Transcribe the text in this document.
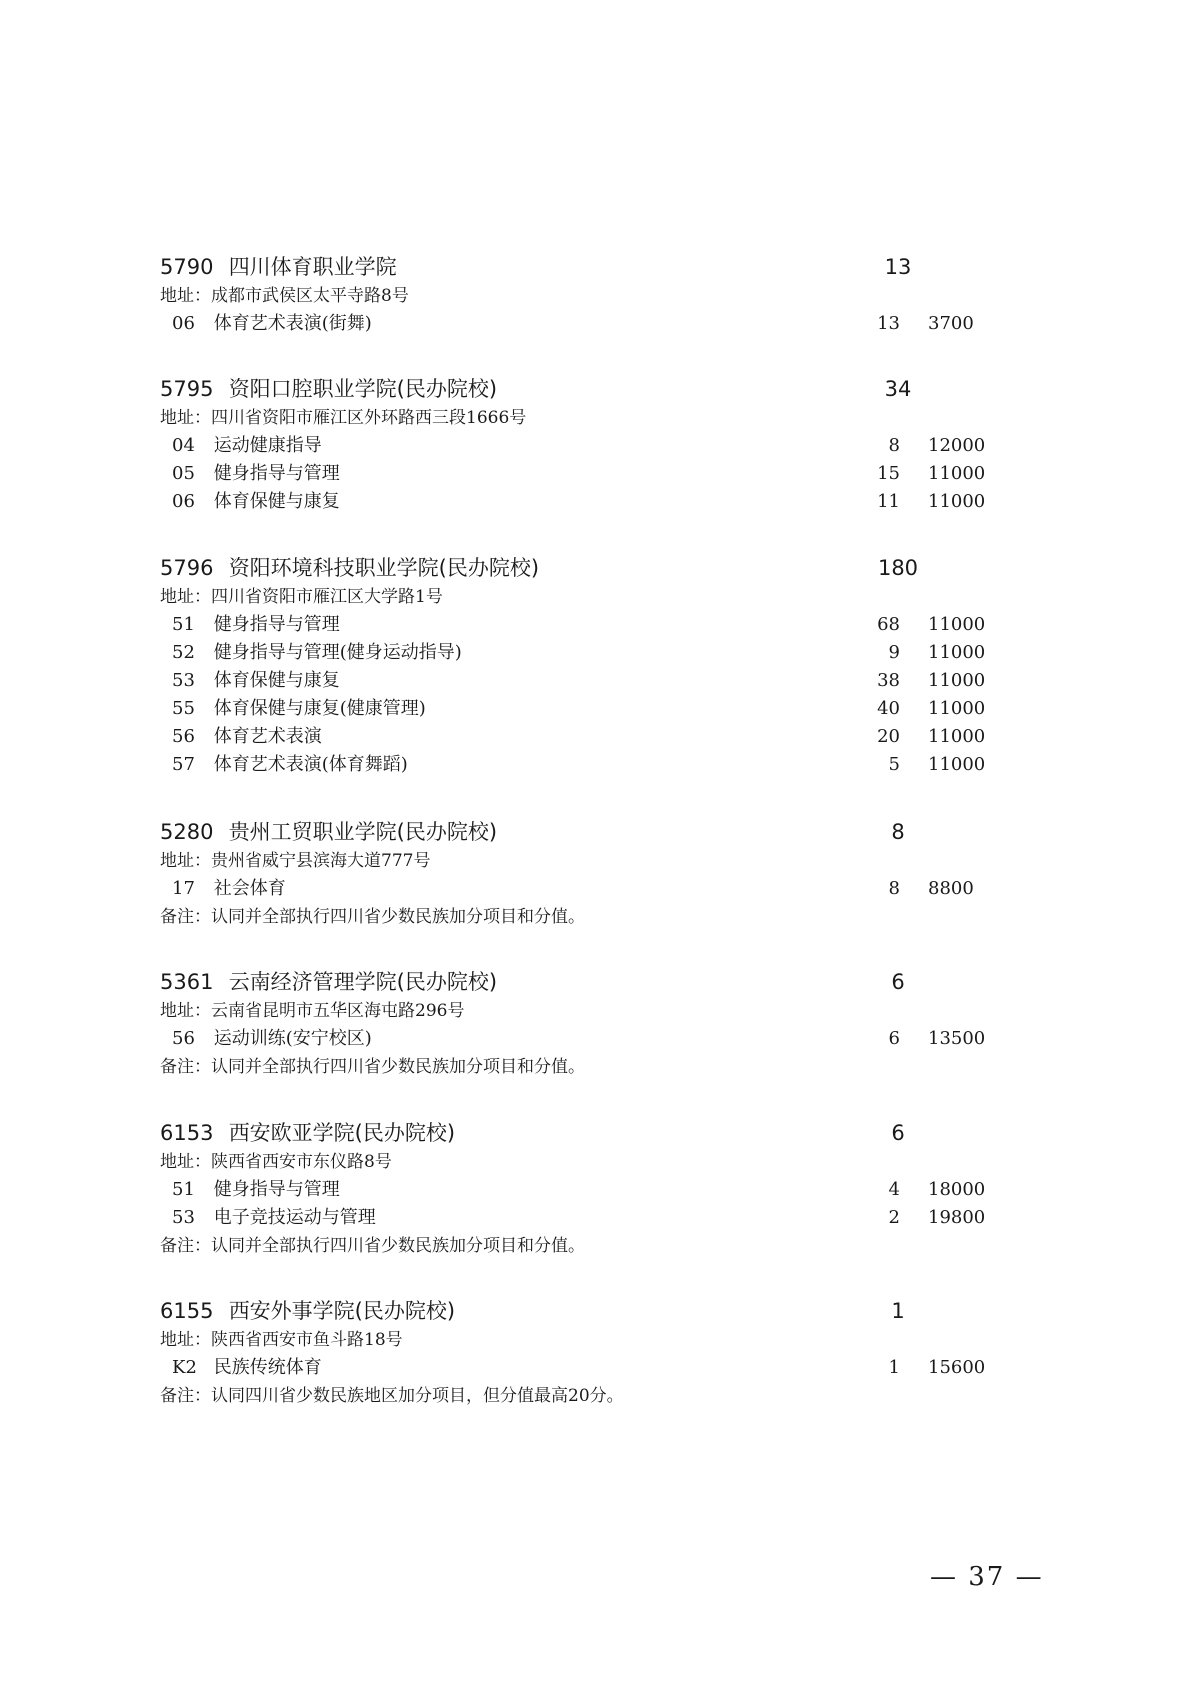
5790 四川体育职业学院	13
地址：成都市武侯区太平寺路8号
06 体育艺术表演(街舞)	13 3700
5795 资阳口腔职业学院(民办院校)	34
地址：四川省资阳市雁江区外环路西三段1666号
04 运动健康指导	8 12000
05 健身指导与管理	15 11000
06 体育保健与康复	11 11000
5796 资阳环境科技职业学院(民办院校)	180
地址：四川省资阳市雁江区大学路1号
51 健身指导与管理	68 11000
52 健身指导与管理(健身运动指导)	9 11000
53 体育保健与康复	38 11000
55 体育保健与康复(健康管理)	40 11000
56 体育艺术表演	20 11000
57 体育艺术表演(体育舞蹈)	5 11000
5280 贵州工贸职业学院(民办院校)	8
地址：贵州省威宁县滨海大道777号
17 社会体育	8 8800
备注：认同并全部执行四川省少数民族加分项目和分值。
5361 云南经济管理学院(民办院校)	6
地址：云南省昆明市五华区海屯路296号
56 运动训练(安宁校区)	6 13500
备注：认同并全部执行四川省少数民族加分项目和分值。
6153 西安欧亚学院(民办院校)	6
地址：陕西省西安市东仪路8号
51 健身指导与管理	4 18000
53 电子竞技运动与管理	2 19800
备注：认同并全部执行四川省少数民族加分项目和分值。
6155 西安外事学院(民办院校)	1
地址：陕西省西安市鱼斗路18号
K2 民族传统体育	1 15600
备注：认同四川省少数民族地区加分项目，但分值最高20分。
— 37 —
